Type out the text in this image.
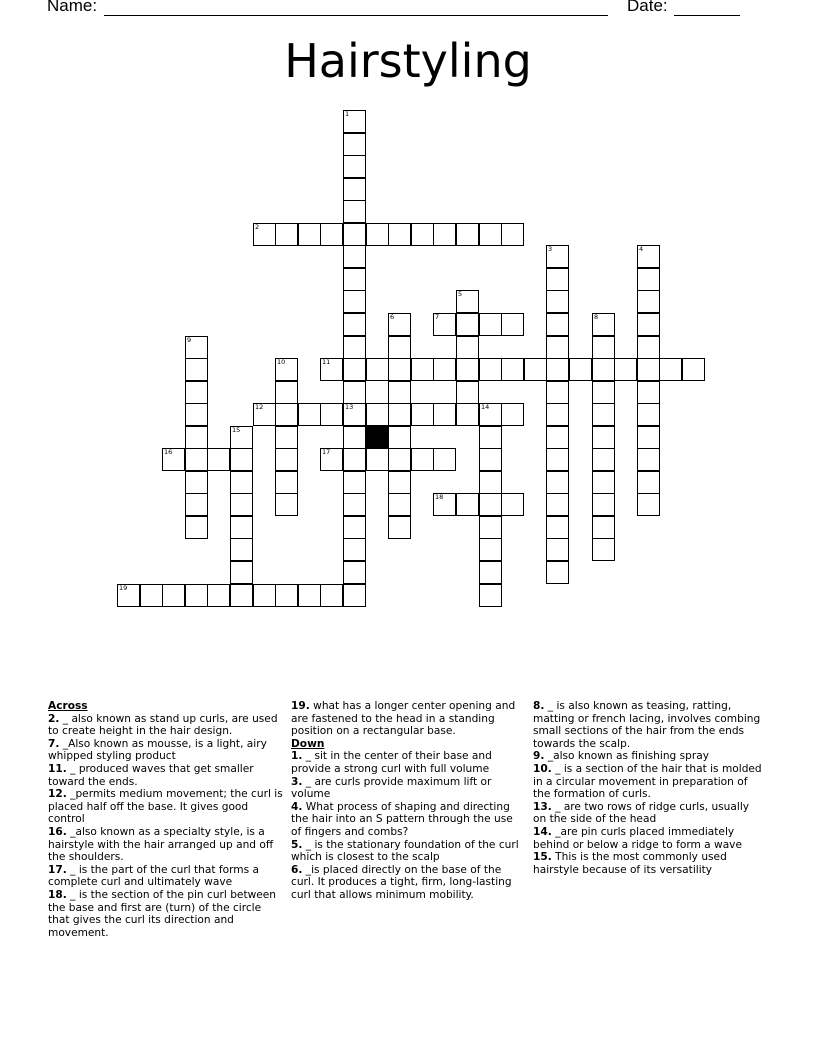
Name:	Date:
Hairstyling
1
13
2
3	4
5
6	7	8
9
10	11
12	14
15
16	17
18
19

Across

2. _ also known as stand up curls, are used to create height in the hair design.

7. _Also known as mousse, is a light, airy whipped styling product

11. _ produced waves that get smaller toward the ends.

12. _permits medium movement; the curl is placed half off the base. It gives good control

16. _also known as a specialty style, is a hairstyle with the hair arranged up and off the shoulders.

17. _ is the part of the curl that forms a complete curl and ultimately wave

18. _ is the section of the pin curl between the base and first are (turn) of the circle that gives the curl its direction and movement.

19. what has a longer center opening and are fastened to the head in a standing position on a rectangular base.

Down

1. _ sit in the center of their base and provide a strong curl with full volume

3. _ are curls provide maximum lift or volume

4. What process of shaping and directing the hair into an S pattern through the use of fingers and combs?

5. _ is the stationary foundation of the curl which is closest to the scalp

6. _is placed directly on the base of the curl. It produces a tight, firm, long-lasting curl that allows minimum mobility.

8. _ is also known as teasing, ratting, matting or french lacing, involves combing small sections of the hair from the ends towards the scalp.

9. _also known as finishing spray

10. _ is a section of the hair that is molded in a circular movement in preparation of the formation of curls.

13. _ are two rows of ridge curls, usually on the side of the head

14. _are pin curls placed immediately behind or below a ridge to form a wave

15. This is the most commonly used hairstyle because of its versatility
